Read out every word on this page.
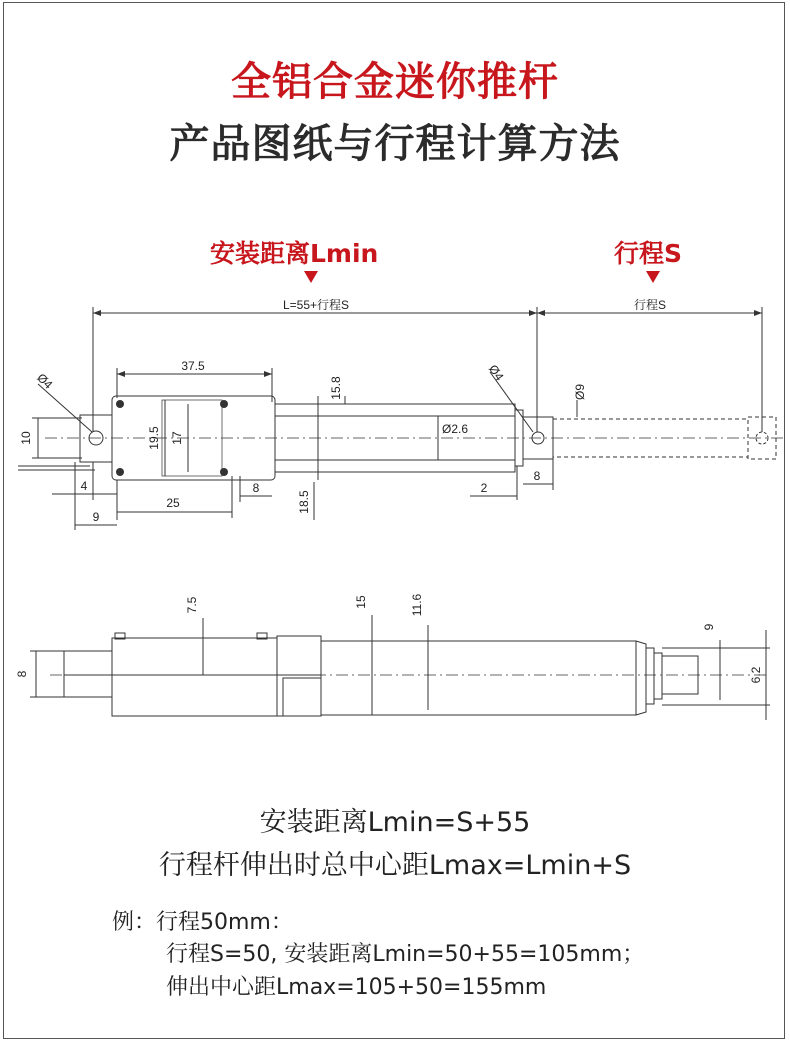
全铝合金迷你推杆
产品图纸与行程计算方法
安装距离Lmin	行程S
L=55+行程S	行程S
37.5
15.8
Ø4	Ø4
Ø9
10	19.5 17
Ø2.6
4
25
8
18.5
2
8
9
8
7.5	15	11.6
9
6.2
安装距离Lmin=S+55
行程杆伸出时总中心距Lmax=Lmin+S
例：行程50mm：
行程S=50, 安装距离Lmin=50+55=105mm；
伸出中心距Lmax=105+50=155mm
